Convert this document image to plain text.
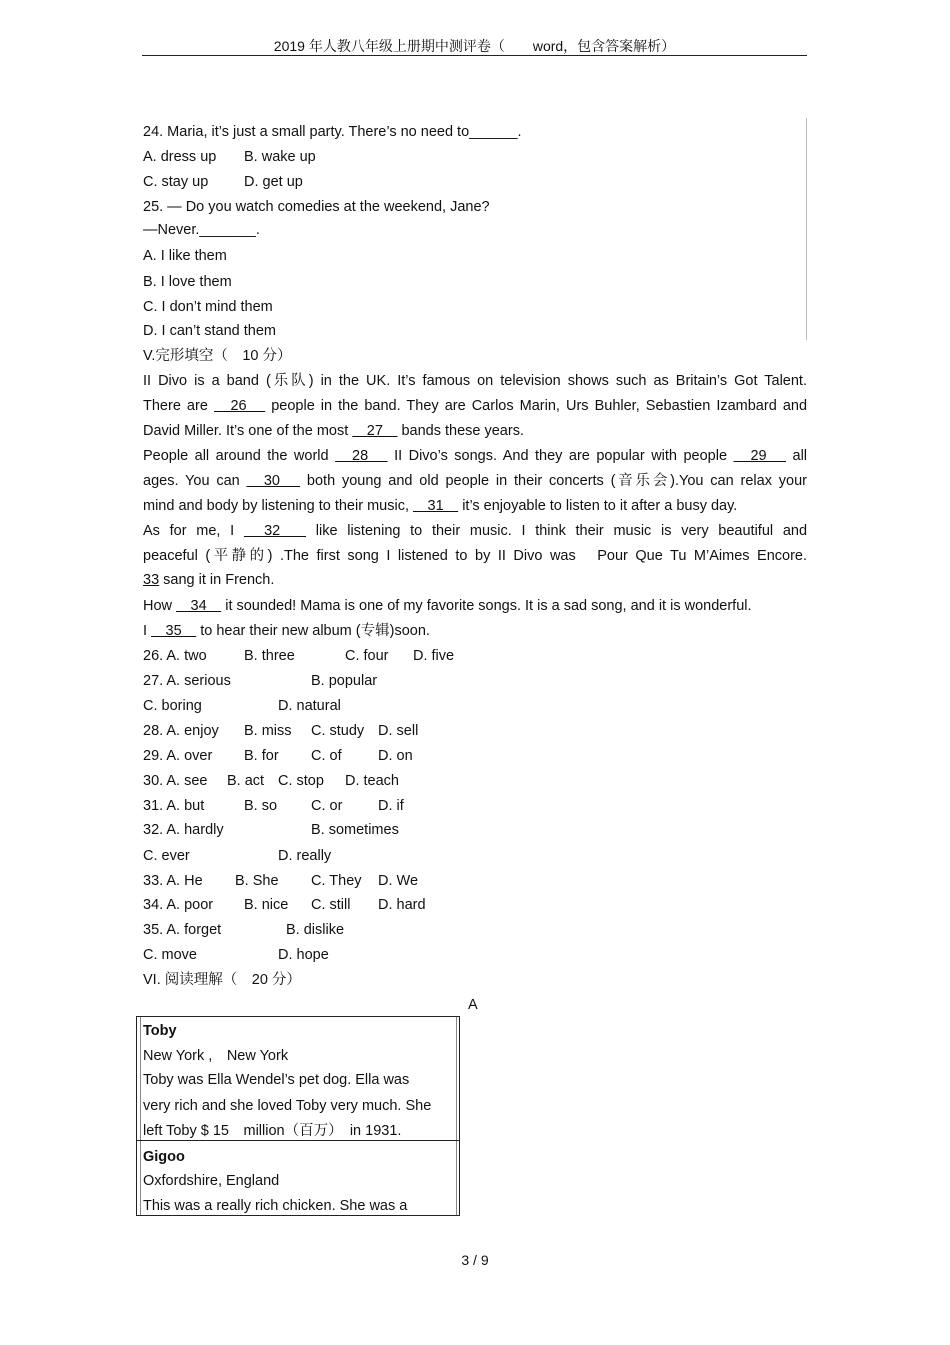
2019 年人教八年级上册期中测评卷（　　word，包含答案解析）
24. Maria, it’s just a small party. There’s no need to______.
A. dress up B. wake up
C. stay up D. get up
25. — Do you watch comedies at the weekend, Jane?
—Never._______.
A. I like them
B. I love them
C. I don’t mind them
D. I can’t stand them
V.完形填空（　10 分）
II Divo is a band (乐队) in the UK. It’s famous on television shows such as Britain’s Got Talent.
There are 　26　 people in the band. They are Carlos Marin, Urs Buhler, Sebastien Izambard and
David Miller. It’s one of the most 　27　 bands these years.
People all around the world 　28　 II Divo’s songs. And they are popular with people 　29　 all
ages. You can 　30　 both young and old people in their concerts (音乐会).You can relax your
mind and body by listening to their music, 　31　 it’s enjoyable to listen to it after a busy day.
As for me, I 　32　 like listening to their music. I think their music is very beautiful and
peaceful (平静的) .The first song I listened to by II Divo was　Pour Que Tu M’Aimes Encore.
33 sang it in French.
How 　34　 it sounded! Mama is one of my favorite songs. It is a sad song, and it is wonderful.
I 　35　 to hear their new album (专辑)soon.
26. A. two	B. three	C. four D. five
27. A. serious	B. popular
C. boring	D. natural
28. A. enjoy B. miss C. study D. sell
29. A. over B. for C. of	D. on
30. A. see B. act C. stop D. teach
31. A. but	B. so C. or D. if
32. A. hardly	B. sometimes
C. ever	D. really
33. A. He B. She C. They D. We
34. A. poor B. nice C. still D. hard
35. A. forget	B. dislike
C. move	D. hope
VI. 阅读理解（　20 分）
A
Toby
New York ,　New York
Toby was Ella Wendel’s pet dog. Ella was
very rich and she loved Toby very much. She
left Toby $ 15　million（百万）　in 1931.
Gigoo
Oxfordshire, England
This was a really rich chicken. She was a
3 / 9
